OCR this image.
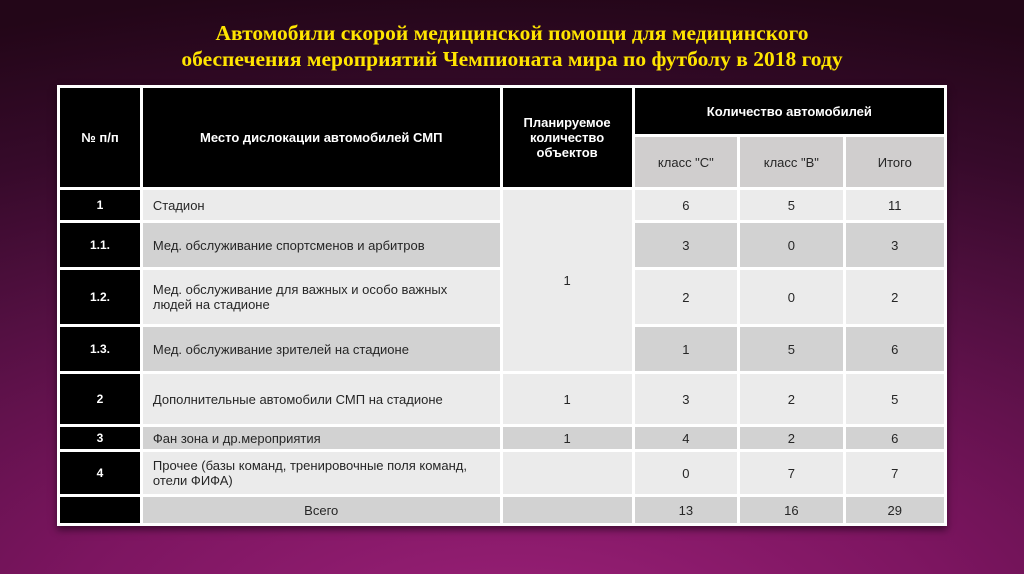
Автомобили скорой медицинской помощи для медицинского обеспечения мероприятий Чемпионата мира по футболу в 2018 году
№ п/п	Место дислокации автомобилей СМП	Планируемое количество объектов	Количество автомобилей		
			класс "С"	класс "В"	Итого
1	Стадион	1	6	5	11
1.1.	Мед. обслуживание спортсменов и арбитров		3	0	3
1.2.	Мед. обслуживание для важных и особо важных людей на стадионе		2	0	2
1.3.	Мед. обслуживание зрителей на стадионе		1	5	6
2	Дополнительные автомобили СМП на стадионе	1	3	2	5
3	Фан зона и др.мероприятия	1	4	2	6
4	Прочее (базы команд, тренировочные поля команд, отели ФИФА)		0	7	7
	Всего		13	16	29
